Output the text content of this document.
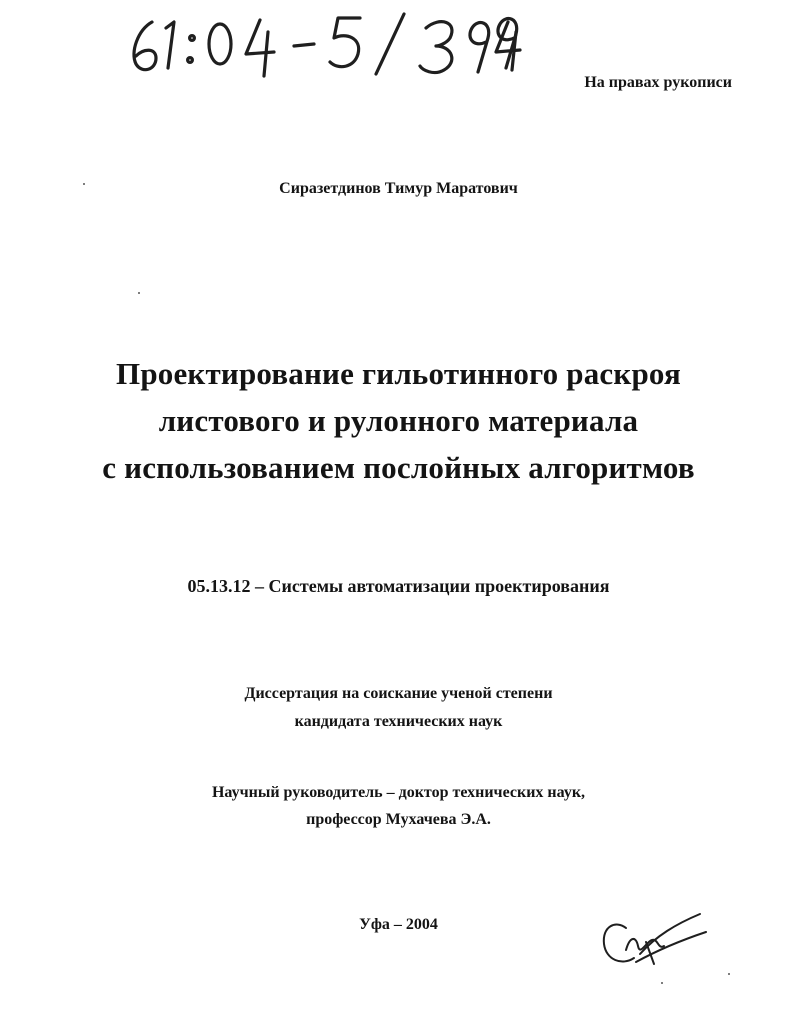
На правах рукописи
Сиразетдинов Тимур Маратович
Проектирование гильотинного раскроя
листового и рулонного материала
с использованием послойных алгоритмов
05.13.12 – Системы автоматизации проектирования
Диссертация на соискание ученой степени
кандидата технических наук
Научный руководитель – доктор технических наук,
профессор Мухачева Э.А.
Уфа – 2004
